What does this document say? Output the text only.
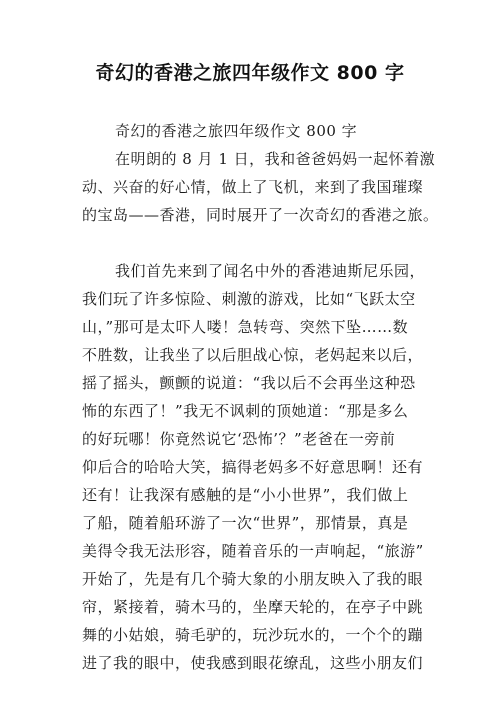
奇幻的香港之旅四年级作文 800 字
奇幻的香港之旅四年级作文 800 字
在明朗的 8 月 1 日，我和爸爸妈妈一起怀着激
动、兴奋的好心情，做上了飞机，来到了我国璀璨
的宝岛——香港，同时展开了一次奇幻的香港之旅。
我们首先来到了闻名中外的香港迪斯尼乐园，
我们玩了许多惊险、刺激的游戏，比如“飞跃太空
山，”那可是太吓人喽！急转弯、突然下坠……数
不胜数，让我坐了以后胆战心惊，老妈起来以后，
摇了摇头，颤颤的说道：“我以后不会再坐这种恐
怖的东西了！”我无不讽刺的顶她道：“那是多么
的好玩哪！你竟然说它‘恐怖’？”老爸在一旁前
仰后合的哈哈大笑，搞得老妈多不好意思啊！还有
还有！让我深有感触的是“小小世界”，我们做上
了船，随着船环游了一次“世界”，那情景，真是
美得令我无法形容，随着音乐的一声响起，“旅游”
开始了，先是有几个骑大象的小朋友映入了我的眼
帘，紧接着，骑木马的，坐摩天轮的，在亭子中跳
舞的小姑娘，骑毛驴的，玩沙玩水的，一个个的蹦
进了我的眼中，使我感到眼花缭乱，这些小朋友们
